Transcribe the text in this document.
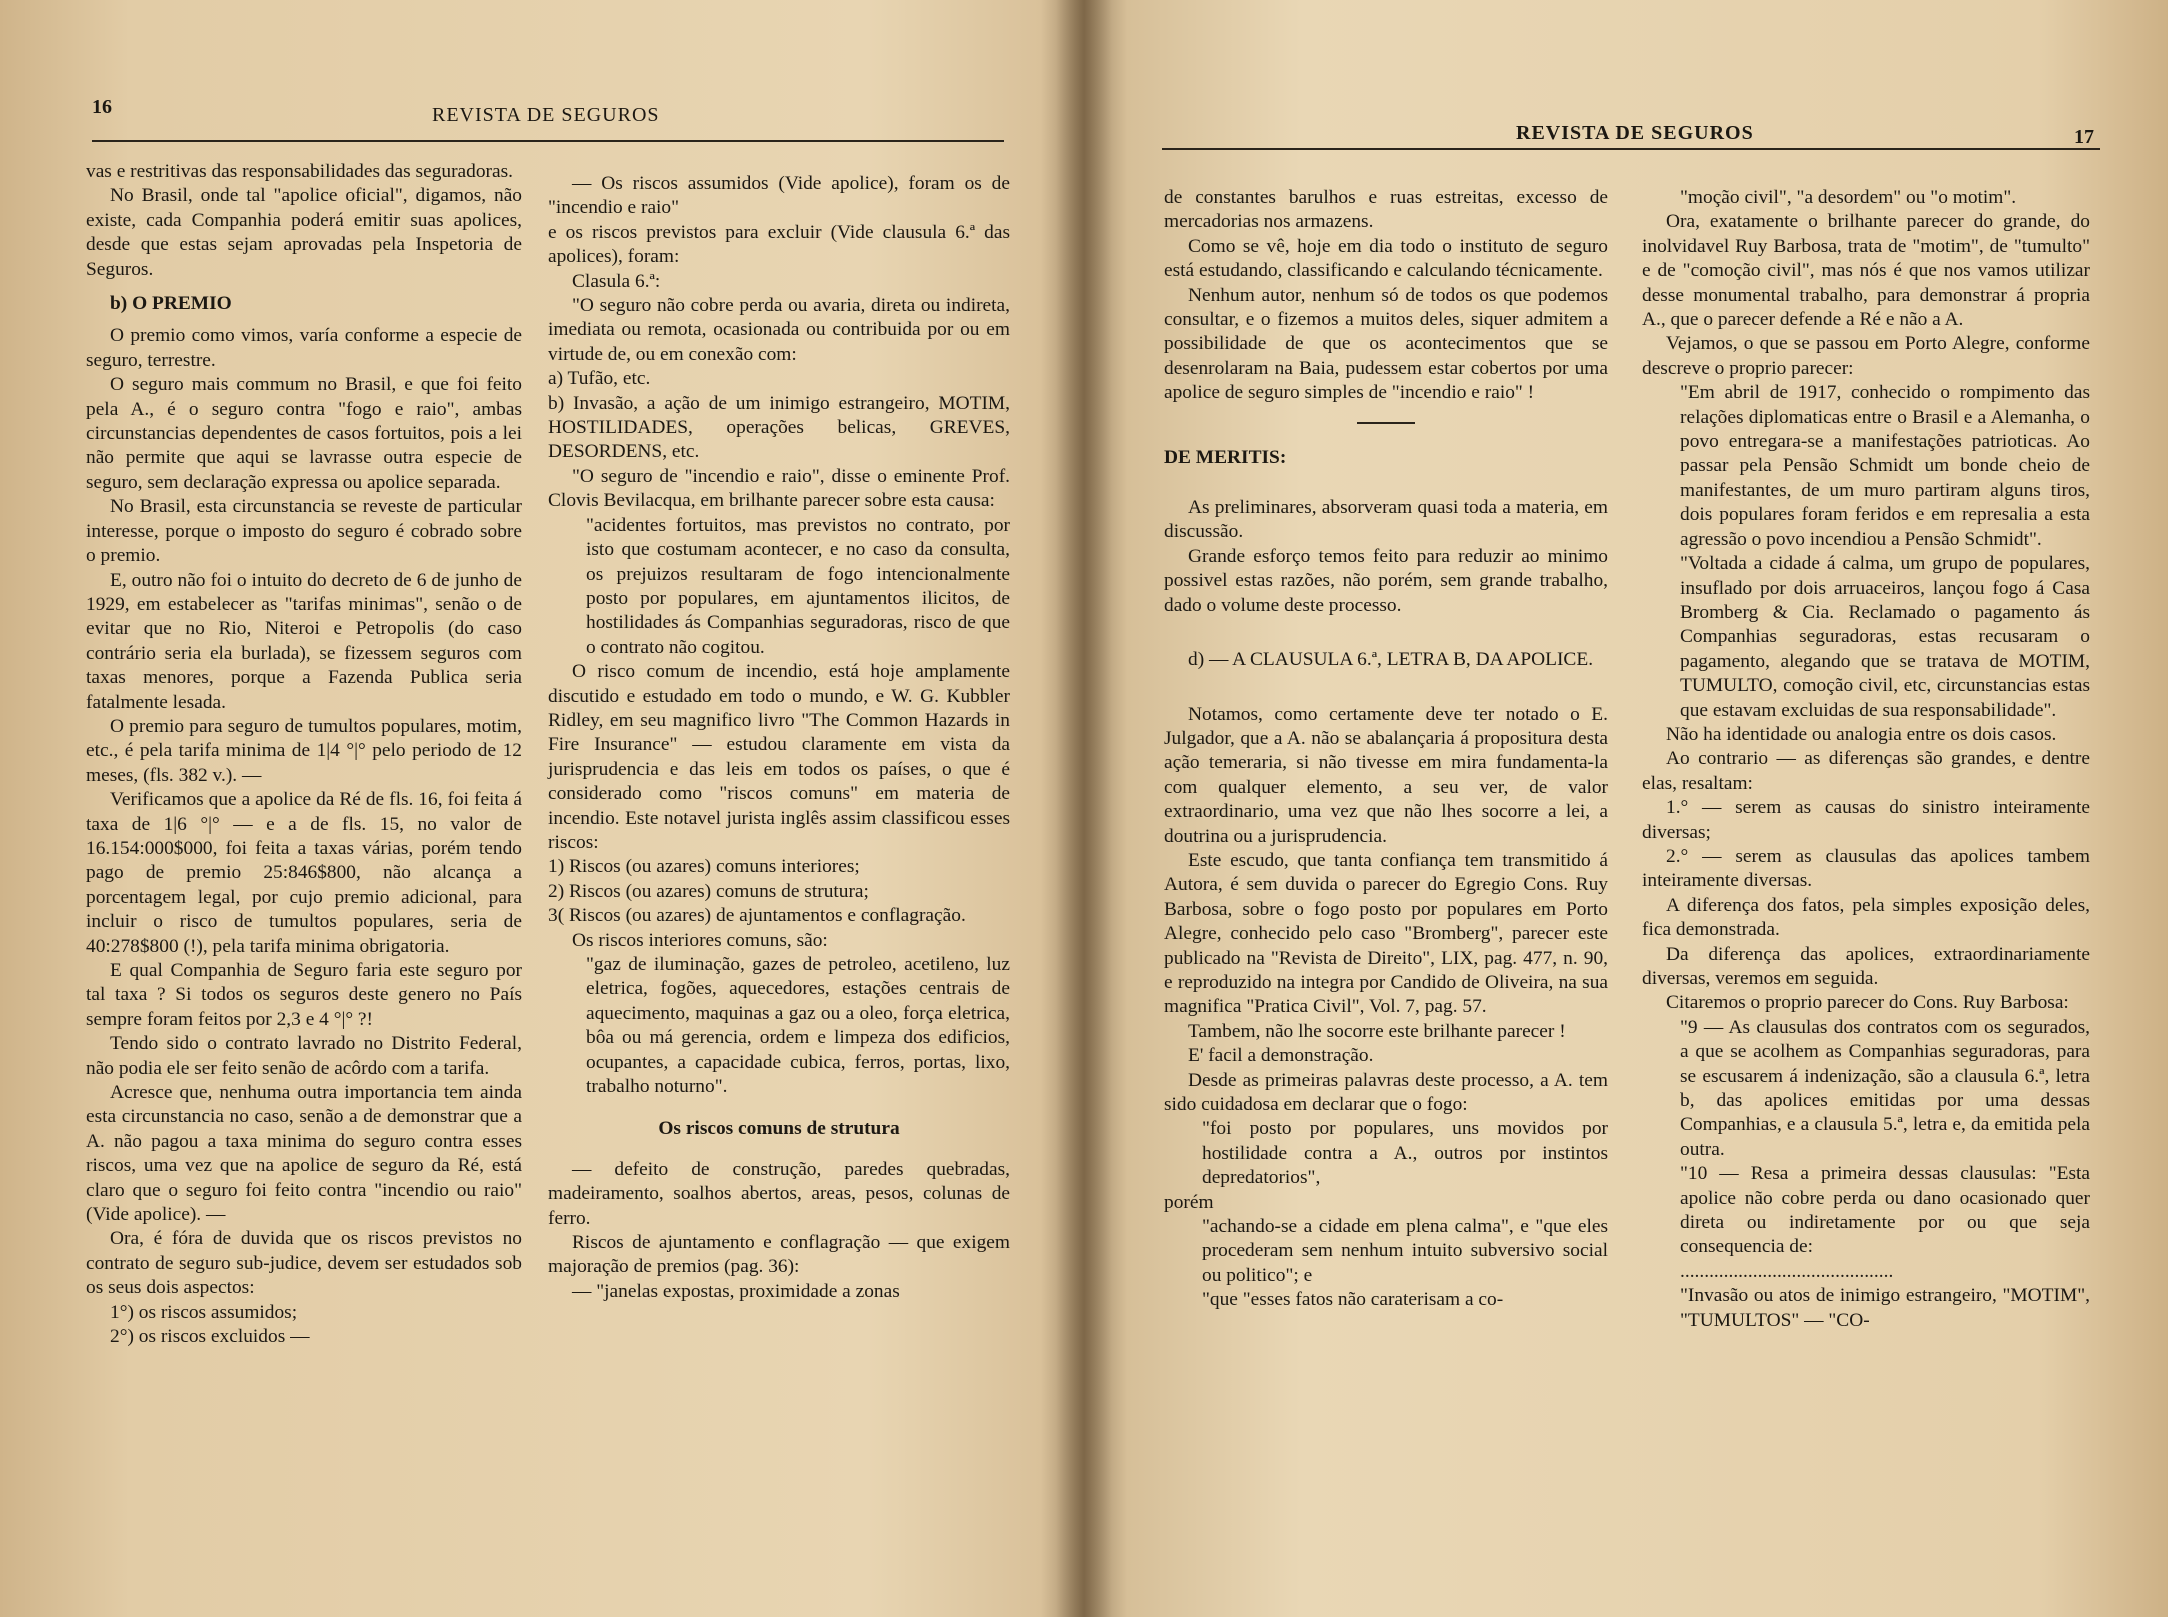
16	REVISTA DE SEGUROS

vas e restritivas das responsabilidades das seguradoras.

No Brasil, onde tal "apolice oficial", digamos, não existe, cada Companhia poderá emitir suas apolices, desde que estas sejam aprovadas pela Inspetoria de Seguros.

b) O PREMIO

O premio como vimos, varía conforme a especie de seguro, terrestre.

O seguro mais commum no Brasil, e que foi feito pela A., é o seguro contra "fogo e raio", ambas circunstancias dependentes de casos fortuitos, pois a lei não permite que aqui se lavrasse outra especie de seguro, sem declaração expressa ou apolice separada.

No Brasil, esta circunstancia se reveste de particular interesse, porque o imposto do seguro é cobrado sobre o premio.

E, outro não foi o intuito do decreto de 6 de junho de 1929, em estabelecer as "tarifas minimas", senão o de evitar que no Rio, Niteroi e Petropolis (do caso contrário seria ela burlada), se fizessem seguros com taxas menores, porque a Fazenda Publica seria fatalmente lesada.

O premio para seguro de tumultos populares, motim, etc., é pela tarifa minima de 1|4 °|° pelo periodo de 12 meses, (fls. 382 v.). —

Verificamos que a apolice da Ré de fls. 16, foi feita á taxa de 1|6 °|° — e a de fls. 15, no valor de 16.154:000$000, foi feita a taxas várias, porém tendo pago de premio 25:846$800, não alcança a porcentagem legal, por cujo premio adicional, para incluir o risco de tumultos populares, seria de 40:278$800 (!), pela tarifa minima obrigatoria.

E qual Companhia de Seguro faria este seguro por tal taxa ? Si todos os seguros deste genero no País sempre foram feitos por 2,3 e 4 °|° ?!

Tendo sido o contrato lavrado no Distrito Federal, não podia ele ser feito senão de acôrdo com a tarifa.

Acresce que, nenhuma outra importancia tem ainda esta circunstancia no caso, senão a de demonstrar que a A. não pagou a taxa minima do seguro contra esses riscos, uma vez que na apolice de seguro da Ré, está claro que o seguro foi feito contra "incendio ou raio" (Vide apolice). —

Ora, é fóra de duvida que os riscos previstos no contrato de seguro sub-judice, devem ser estudados sob os seus dois aspectos:

1°) os riscos assumidos;

2°) os riscos excluidos —

— Os riscos assumidos (Vide apolice), foram os de "incendio e raio"

e os riscos previstos para excluir (Vide clausula 6.ª das apolices), foram:

Clasula 6.ª:

"O seguro não cobre perda ou avaria, direta ou indireta, imediata ou remota, ocasionada ou contribuida por ou em virtude de, ou em conexão com:

a) Tufão, etc.

b) Invasão, a ação de um inimigo estrangeiro, MOTIM, HOSTILIDADES, operações belicas, GREVES, DESORDENS, etc.

"O seguro de "incendio e raio", disse o eminente Prof. Clovis Bevilacqua, em brilhante parecer sobre esta causa:

"acidentes fortuitos, mas previstos no contrato, por isto que costumam acontecer, e no caso da consulta, os prejuizos resultaram de fogo intencionalmente posto por populares, em ajuntamentos ilicitos, de hostilidades ás Companhias seguradoras, risco de que o contrato não cogitou.

O risco comum de incendio, está hoje amplamente discutido e estudado em todo o mundo, e W. G. Kubbler Ridley, em seu magnifico livro "The Common Hazards in Fire Insurance" — estudou claramente em vista da jurisprudencia e das leis em todos os países, o que é considerado como "riscos comuns" em materia de incendio. Este notavel jurista inglês assim classificou esses riscos:

1) Riscos (ou azares) comuns interiores;

2) Riscos (ou azares) comuns de strutura;

3( Riscos (ou azares) de ajuntamentos e conflagração.

Os riscos interiores comuns, são:

"gaz de iluminação, gazes de petroleo, acetileno, luz eletrica, fogões, aquecedores, estações centrais de aquecimento, maquinas a gaz ou a oleo, força eletrica, bôa ou má gerencia, ordem e limpeza dos edificios, ocupantes, a capacidade cubica, ferros, portas, lixo, trabalho noturno".

Os riscos comuns de strutura

— defeito de construção, paredes quebradas, madeiramento, soalhos abertos, areas, pesos, colunas de ferro.

Riscos de ajuntamento e conflagração — que exigem majoração de premios (pag. 36):

— "janelas expostas, proximidade a zonas

REVISTA DE SEGUROS	17

de constantes barulhos e ruas estreitas, excesso de mercadorias nos armazens.

Como se vê, hoje em dia todo o instituto de seguro está estudando, classificando e calculando técnicamente.

Nenhum autor, nenhum só de todos os que podemos consultar, e o fizemos a muitos deles, siquer admitem a possibilidade de que os acontecimentos que se desenrolaram na Baia, pudessem estar cobertos por uma apolice de seguro simples de "incendio e raio" !

DE MERITIS:

As preliminares, absorveram quasi toda a materia, em discussão.

Grande esforço temos feito para reduzir ao minimo possivel estas razões, não porém, sem grande trabalho, dado o volume deste processo.

d) — A CLAUSULA 6.ª, LETRA B, DA APOLICE.

Notamos, como certamente deve ter notado o E. Julgador, que a A. não se abalançaria á propositura desta ação temeraria, si não tivesse em mira fundamenta-la com qualquer elemento, a seu ver, de valor extraordinario, uma vez que não lhes socorre a lei, a doutrina ou a jurisprudencia.

Este escudo, que tanta confiança tem transmitido á Autora, é sem duvida o parecer do Egregio Cons. Ruy Barbosa, sobre o fogo posto por populares em Porto Alegre, conhecido pelo caso "Bromberg", parecer este publicado na "Revista de Direito", LIX, pag. 477, n. 90, e reproduzido na integra por Candido de Oliveira, na sua magnifica "Pratica Civil", Vol. 7, pag. 57.

Tambem, não lhe socorre este brilhante parecer !

E' facil a demonstração.

Desde as primeiras palavras deste processo, a A. tem sido cuidadosa em declarar que o fogo:

"foi posto por populares, uns movidos por hostilidade contra a A., outros por instintos depredatorios",

porém

"achando-se a cidade em plena calma", e "que eles procederam sem nenhum intuito subversivo social ou politico"; e

"que "esses fatos não caraterisam a co-

"moção civil", "a desordem" ou "o motim".

Ora, exatamente o brilhante parecer do grande, do inolvidavel Ruy Barbosa, trata de "motim", de "tumulto" e de "comoção civil", mas nós é que nos vamos utilizar desse monumental trabalho, para demonstrar á propria A., que o parecer defende a Ré e não a A.

Vejamos, o que se passou em Porto Alegre, conforme descreve o proprio parecer:

"Em abril de 1917, conhecido o rompimento das relações diplomaticas entre o Brasil e a Alemanha, o povo entregara-se a manifestações patrioticas. Ao passar pela Pensão Schmidt um bonde cheio de manifestantes, de um muro partiram alguns tiros, dois populares foram feridos e em represalia a esta agressão o povo incendiou a Pensão Schmidt".

"Voltada a cidade á calma, um grupo de populares, insuflado por dois arruaceiros, lançou fogo á Casa Bromberg & Cia. Reclamado o pagamento ás Companhias seguradoras, estas recusaram o pagamento, alegando que se tratava de MOTIM, TUMULTO, comoção civil, etc, circunstancias estas que estavam excluidas de sua responsabilidade".

Não ha identidade ou analogia entre os dois casos.

Ao contrario — as diferenças são grandes, e dentre elas, resaltam:

1.° — serem as causas do sinistro inteiramente diversas;

2.° — serem as clausulas das apolices tambem inteiramente diversas.

A diferença dos fatos, pela simples exposição deles, fica demonstrada.

Da diferença das apolices, extraordinariamente diversas, veremos em seguida.

Citaremos o proprio parecer do Cons. Ruy Barbosa:

"9 — As clausulas dos contratos com os segurados, a que se acolhem as Companhias seguradoras, para se escusarem á indenização, são a clausula 6.ª, letra b, das apolices emitidas por uma dessas Companhias, e a clausula 5.ª, letra e, da emitida pela outra.

"10 — Resa a primeira dessas clausulas: "Esta apolice não cobre perda ou dano ocasionado quer direta ou indiretamente por ou que seja consequencia de:

............................................

"Invasão ou atos de inimigo estrangeiro, "MOTIM", "TUMULTOS" — "CO-
